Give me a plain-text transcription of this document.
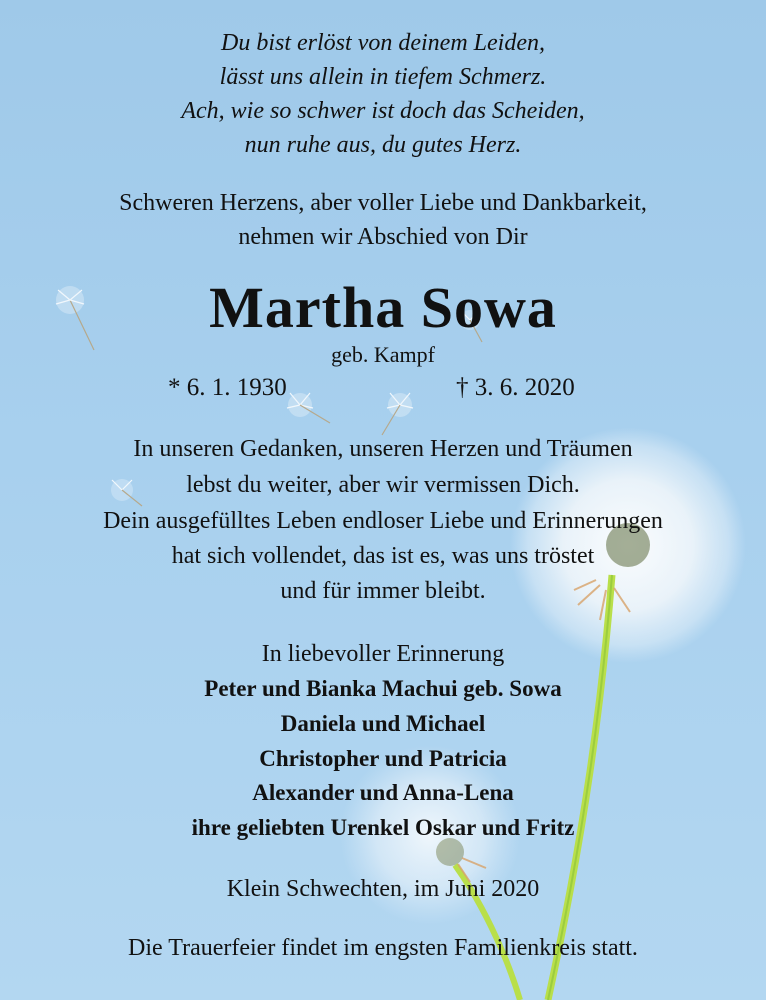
Du bist erlöst von deinem Leiden,
lässt uns allein in tiefem Schmerz.
Ach, wie so schwer ist doch das Scheiden,
nun ruhe aus, du gutes Herz.
Schweren Herzens, aber voller Liebe und Dankbarkeit,
nehmen wir Abschied von Dir
Martha Sowa
geb. Kampf
* 6. 1. 1930	† 3. 6. 2020
In unseren Gedanken, unseren Herzen und Träumen
lebst du weiter, aber wir vermissen Dich.
Dein ausgefülltes Leben endloser Liebe und Erinnerungen
hat sich vollendet, das ist es, was uns tröstet
und für immer bleibt.
In liebevoller Erinnerung
Peter und Bianka Machui geb. Sowa
Daniela und Michael
Christopher und Patricia
Alexander und Anna-Lena
ihre geliebten Urenkel Oskar und Fritz
Klein Schwechten, im Juni 2020
Die Trauerfeier findet im engsten Familienkreis statt.
